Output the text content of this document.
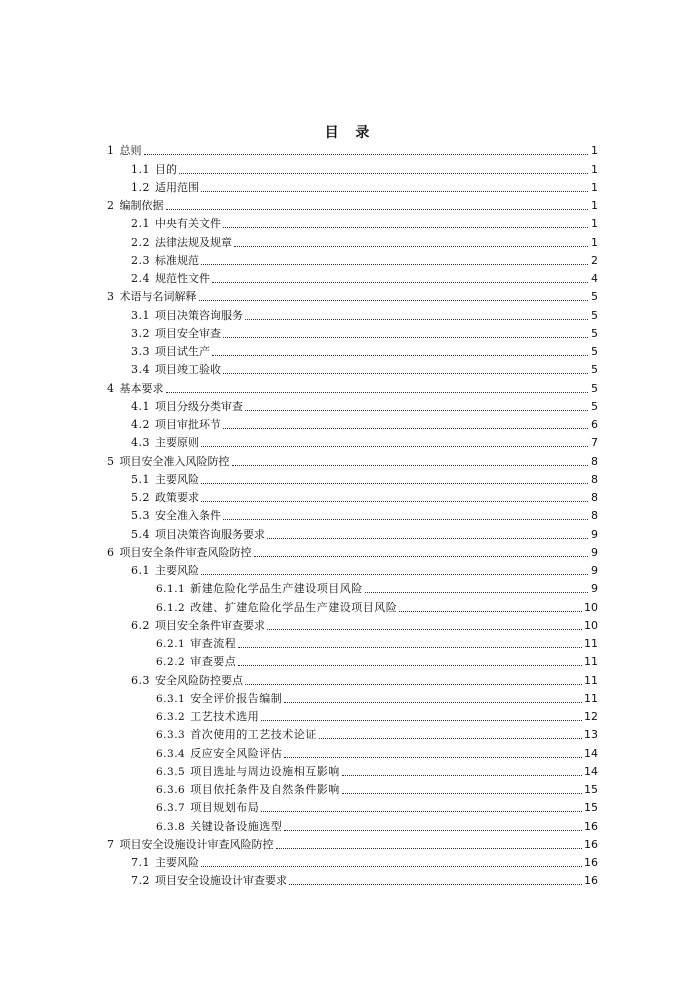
目 录
1 总则	1
1.1 目的	1
1.2 适用范围	1
2 编制依据	1
2.1 中央有关文件	1
2.2 法律法规及规章	1
2.3 标准规范	2
2.4 规范性文件	4
3 术语与名词解释	5
3.1 项目决策咨询服务	5
3.2 项目安全审查	5
3.3 项目试生产	5
3.4 项目竣工验收	5
4 基本要求	5
4.1 项目分级分类审查	5
4.2 项目审批环节	6
4.3 主要原则	7
5 项目安全准入风险防控	8
5.1 主要风险	8
5.2 政策要求	8
5.3 安全准入条件	8
5.4 项目决策咨询服务要求	9
6 项目安全条件审查风险防控	9
6.1 主要风险	9
6.1.1 新建危险化学品生产建设项目风险	9
6.1.2 改建、扩建危险化学品生产建设项目风险	10
6.2 项目安全条件审查要求	10
6.2.1 审查流程	11
6.2.2 审查要点	11
6.3 安全风险防控要点	11
6.3.1 安全评价报告编制	11
6.3.2 工艺技术选用	12
6.3.3 首次使用的工艺技术论证	13
6.3.4 反应安全风险评估	14
6.3.5 项目选址与周边设施相互影响	14
6.3.6 项目依托条件及自然条件影响	15
6.3.7 项目规划布局	15
6.3.8 关键设备设施选型	16
7 项目安全设施设计审查风险防控	16
7.1 主要风险	16
7.2 项目安全设施设计审查要求	16
